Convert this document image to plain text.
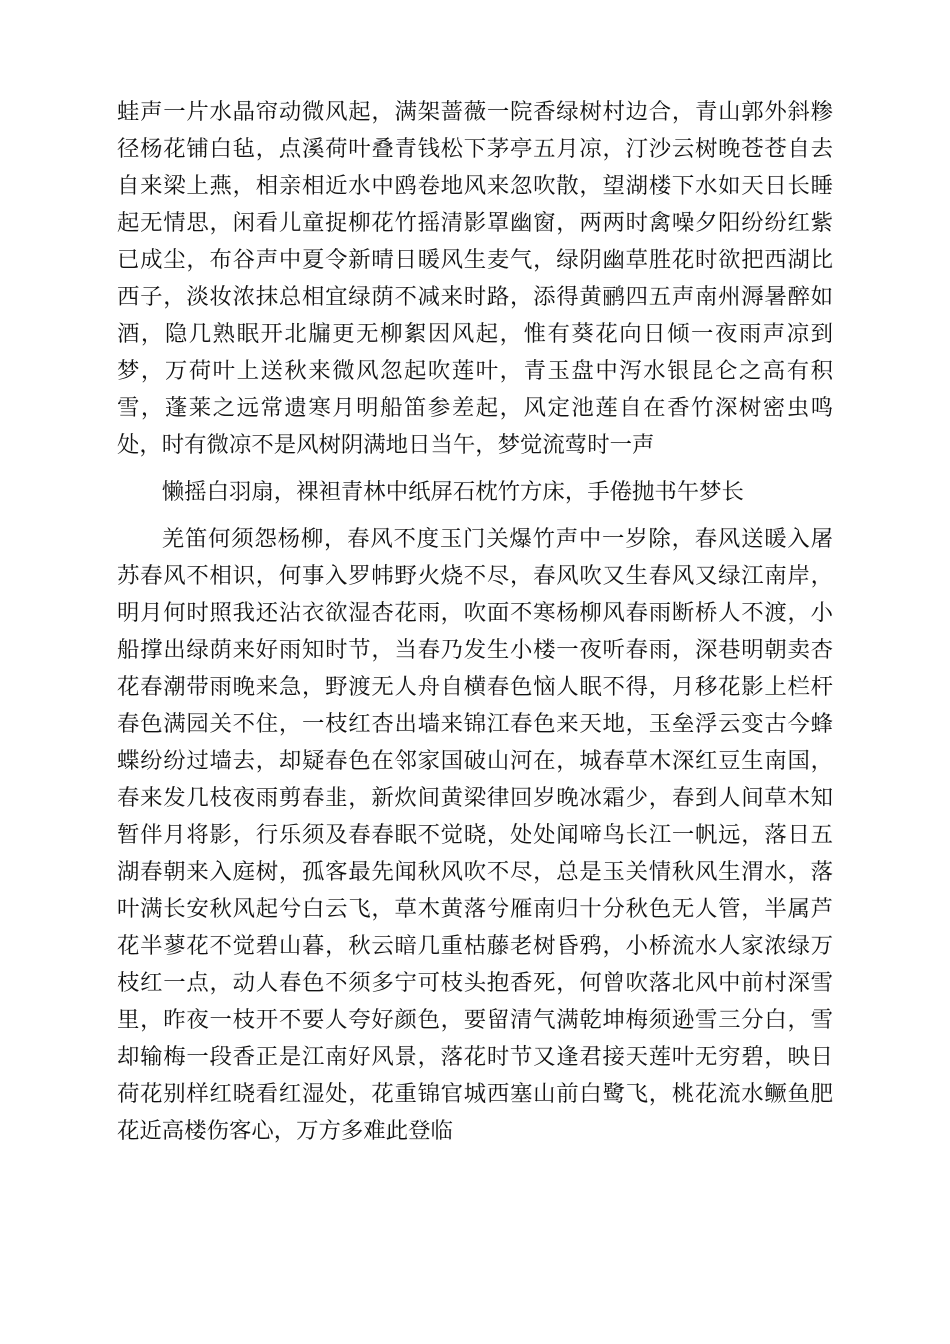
蛙声一片水晶帘动微风起，满架蔷薇一院香绿树村边合，青山郭外斜糁径杨花铺白毡，点溪荷叶叠青钱松下茅亭五月凉，汀沙云树晚苍苍自去自来梁上燕，相亲相近水中鸥卷地风来忽吹散，望湖楼下水如天日长睡起无情思，闲看儿童捉柳花竹摇清影罩幽窗，两两时禽噪夕阳纷纷红紫已成尘，布谷声中夏令新晴日暖风生麦气，绿阴幽草胜花时欲把西湖比西子，淡妆浓抹总相宜绿荫不减来时路，添得黄鹂四五声南州溽暑醉如酒，隐几熟眠开北牖更无柳絮因风起，惟有葵花向日倾一夜雨声凉到梦，万荷叶上送秋来微风忽起吹莲叶，青玉盘中泻水银昆仑之高有积雪，蓬莱之远常遗寒月明船笛参差起，风定池莲自在香竹深树密虫鸣处，时有微凉不是风树阴满地日当午，梦觉流莺时一声

懒摇白羽扇，裸袒青林中纸屏石枕竹方床，手倦抛书午梦长

羌笛何须怨杨柳，春风不度玉门关爆竹声中一岁除，春风送暖入屠苏春风不相识，何事入罗帏野火烧不尽，春风吹又生春风又绿江南岸，明月何时照我还沾衣欲湿杏花雨，吹面不寒杨柳风春雨断桥人不渡，小船撑出绿荫来好雨知时节，当春乃发生小楼一夜听春雨，深巷明朝卖杏花春潮带雨晚来急，野渡无人舟自横春色恼人眠不得，月移花影上栏杆春色满园关不住，一枝红杏出墙来锦江春色来天地，玉垒浮云变古今蜂蝶纷纷过墙去，却疑春色在邻家国破山河在，城春草木深红豆生南国，春来发几枝夜雨剪春韭，新炊间黄梁律回岁晚冰霜少，春到人间草木知暂伴月将影，行乐须及春春眠不觉晓，处处闻啼鸟长江一帆远，落日五湖春朝来入庭树，孤客最先闻秋风吹不尽，总是玉关情秋风生渭水，落叶满长安秋风起兮白云飞，草木黄落兮雁南归十分秋色无人管，半属芦花半蓼花不觉碧山暮，秋云暗几重枯藤老树昏鸦，小桥流水人家浓绿万枝红一点，动人春色不须多宁可枝头抱香死，何曾吹落北风中前村深雪里，昨夜一枝开不要人夸好颜色，要留清气满乾坤梅须逊雪三分白，雪却输梅一段香正是江南好风景，落花时节又逢君接天莲叶无穷碧，映日荷花别样红晓看红湿处，花重锦官城西塞山前白鹭飞，桃花流水鳜鱼肥花近高楼伤客心，万方多难此登临
